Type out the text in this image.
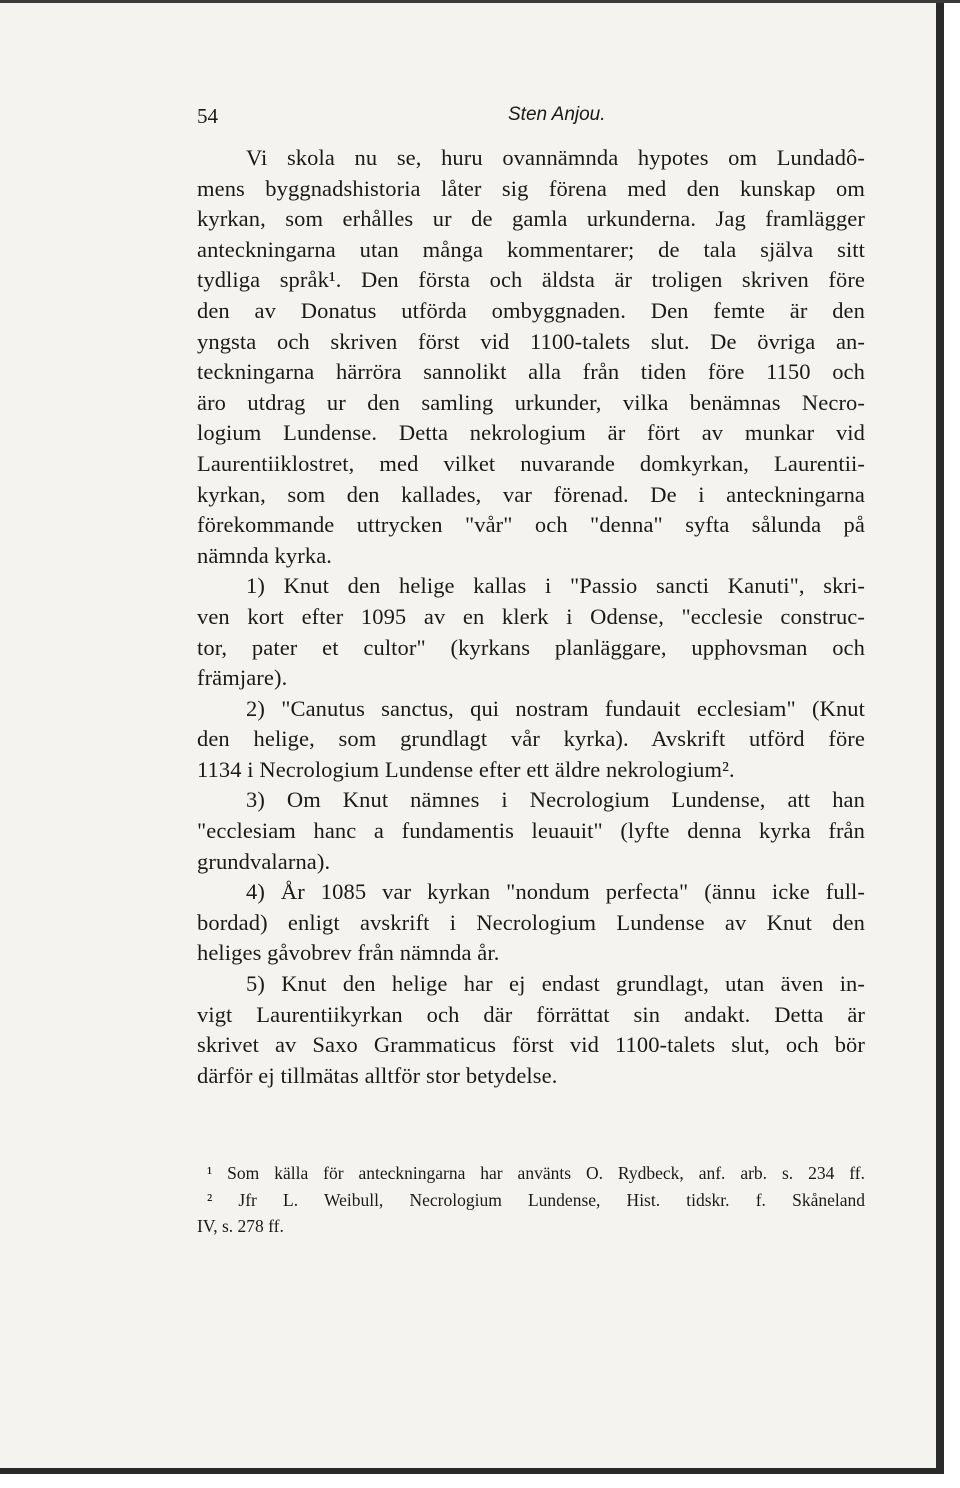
54	Sten Anjou.
Vi skola nu se, huru ovannämnda hypotes om Lundadô-
mens byggnadshistoria låter sig förena med den kunskap om
kyrkan, som erhålles ur de gamla urkunderna. Jag framlägger
anteckningarna utan många kommentarer; de tala själva sitt
tydliga språk¹. Den första och äldsta är troligen skriven före
den av Donatus utförda ombyggnaden. Den femte är den
yngsta och skriven först vid 1100-talets slut. De övriga an-
teckningarna härröra sannolikt alla från tiden före 1150 och
äro utdrag ur den samling urkunder, vilka benämnas Necro-
logium Lundense. Detta nekrologium är fört av munkar vid
Laurentiiklostret, med vilket nuvarande domkyrkan, Laurentii-
kyrkan, som den kallades, var förenad. De i anteckningarna
förekommande uttrycken "vår" och "denna" syfta sålunda på
nämnda kyrka.
1) Knut den helige kallas i "Passio sancti Kanuti", skri-
ven kort efter 1095 av en klerk i Odense, "ecclesie construc-
tor, pater et cultor" (kyrkans planläggare, upphovsman och
främjare).
2) "Canutus sanctus, qui nostram fundauit ecclesiam" (Knut
den helige, som grundlagt vår kyrka). Avskrift utförd före
1134 i Necrologium Lundense efter ett äldre nekrologium².
3) Om Knut nämnes i Necrologium Lundense, att han
"ecclesiam hanc a fundamentis leuauit" (lyfte denna kyrka från
grundvalarna).
4) År 1085 var kyrkan "nondum perfecta" (ännu icke full-
bordad) enligt avskrift i Necrologium Lundense av Knut den
heliges gåvobrev från nämnda år.
5) Knut den helige har ej endast grundlagt, utan även in-
vigt Laurentiikyrkan och där förrättat sin andakt. Detta är
skrivet av Saxo Grammaticus först vid 1100-talets slut, och bör
därför ej tillmätas alltför stor betydelse.
¹ Som källa för anteckningarna har använts O. Rydbeck, anf. arb. s. 234 ff.
² Jfr L. Weibull, Necrologium Lundense, Hist. tidskr. f. Skåneland
IV, s. 278 ff.
